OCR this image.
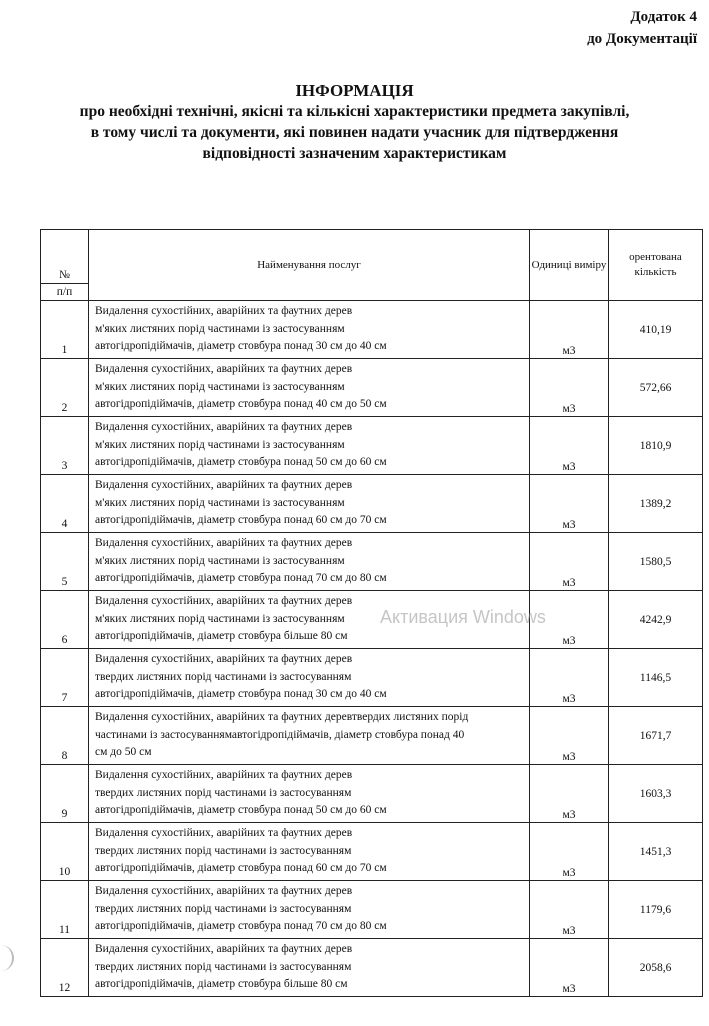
Додаток 4
до Документації
ІНФОРМАЦІЯ
про необхідні технічні, якісні та кількісні характеристики предмета закупівлі,
в тому числі та документи, які повинен надати учасник для підтвердження
відповідності зазначеним характеристикам
№
п/п	Найменування послуг	Одиниці виміру	орентована кількість
1	Видалення сухостійних, аварійних та фаутних дерев
м'яких листяних порід частинами із застосуванням
автогідропідіймачів, діаметр стовбура понад 30 см до 40 см	м3	410,19
2	Видалення сухостійних, аварійних та фаутних дерев
м'яких листяних порід частинами із застосуванням
автогідропідіймачів, діаметр стовбура понад 40 см до 50 см	м3	572,66
3	Видалення сухостійних, аварійних та фаутних дерев
м'яких листяних порід частинами із застосуванням
автогідропідіймачів, діаметр стовбура понад 50 см до 60 см	м3	1810,9
4	Видалення сухостійних, аварійних та фаутних дерев
м'яких листяних порід частинами із застосуванням
автогідропідіймачів, діаметр стовбура понад 60 см до 70 см	м3	1389,2
5	Видалення сухостійних, аварійних та фаутних дерев
м'яких листяних порід частинами із застосуванням
автогідропідіймачів, діаметр стовбура понад 70 см до 80 см	м3	1580,5
6	Видалення сухостійних, аварійних та фаутних дерев
м'яких листяних порід частинами із застосуванням
автогідропідіймачів, діаметр стовбура більше 80 см	м3	4242,9
7	Видалення сухостійних, аварійних та фаутних дерев
твердих листяних порід частинами із застосуванням
автогідропідіймачів, діаметр стовбура понад 30 см до 40 см	м3	1146,5
8	Видалення сухостійних, аварійних та фаутних деревтвердих листяних порід
частинами із застосуваннямавтогідропідіймачів, діаметр стовбура понад 40
см до 50 см	м3	1671,7
9	Видалення сухостійних, аварійних та фаутних дерев
твердих листяних порід частинами із застосуванням
автогідропідіймачів, діаметр стовбура понад 50 см до 60 см	м3	1603,3
10	Видалення сухостійних, аварійних та фаутних дерев
твердих листяних порід частинами із застосуванням
автогідропідіймачів, діаметр стовбура понад 60 см до 70 см	м3	1451,3
11	Видалення сухостійних, аварійних та фаутних дерев
твердих листяних порід частинами із застосуванням
автогідропідіймачів, діаметр стовбура понад 70 см до 80 см	м3	1179,6
12	Видалення сухостійних, аварійних та фаутних дерев
твердих листяних порід частинами із застосуванням
автогідропідіймачів, діаметр стовбура більше 80 см	м3	2058,6
Активация Windows
